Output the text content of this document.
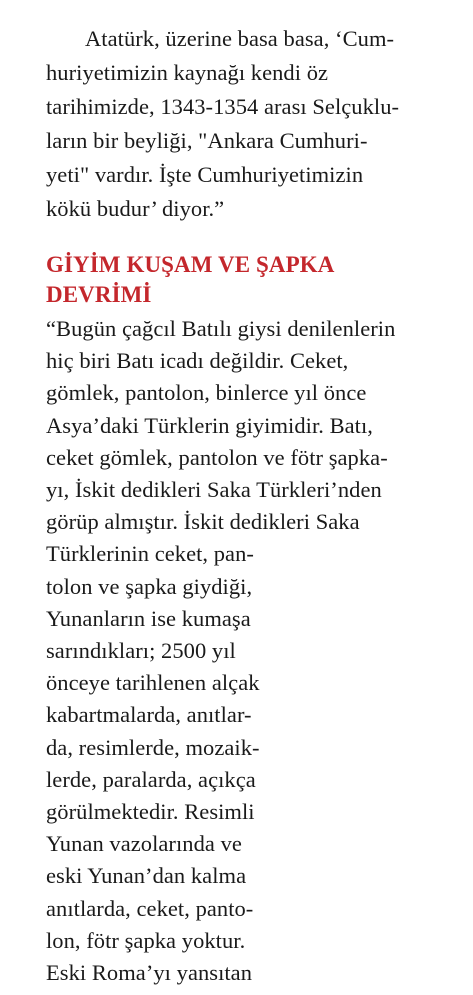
Atatürk, üzerine basa basa, ‘Cum-
huriyetimizin kaynağı kendi öz
tarihimizde, 1343-1354 arası Selçuklu-
ların bir beyliği, "Ankara Cumhuri-
yeti" vardır. İşte Cumhuriyetimizin
kökü budur’ diyor.”
GİYİM KUŞAM VE ŞAPKA
DEVRİMİ
“Bugün çağcıl Batılı giysi denilenlerin
hiç biri Batı icadı değildir. Ceket,
gömlek, pantolon, binlerce yıl önce
Asya’daki Türklerin giyimidir. Batı,
ceket gömlek, pantolon ve fötr şapka-
yı, İskit dedikleri Saka Türkleri’nden
görüp almıştır. İskit dedikleri Saka
Türklerinin ceket, pan-
tolon ve şapka giydiği,
Yunanların ise kumaşa
sarındıkları; 2500 yıl
önceye tarihlenen alçak
kabartmalarda, anıtlar-
da, resimlerde, mozaik-
lerde, paralarda, açıkça
görülmektedir. Resimli
Yunan vazolarında ve
eski Yunan’dan kalma
anıtlarda, ceket, panto-
lon, fötr şapka yoktur.
Eski Roma’yı yansıtan
